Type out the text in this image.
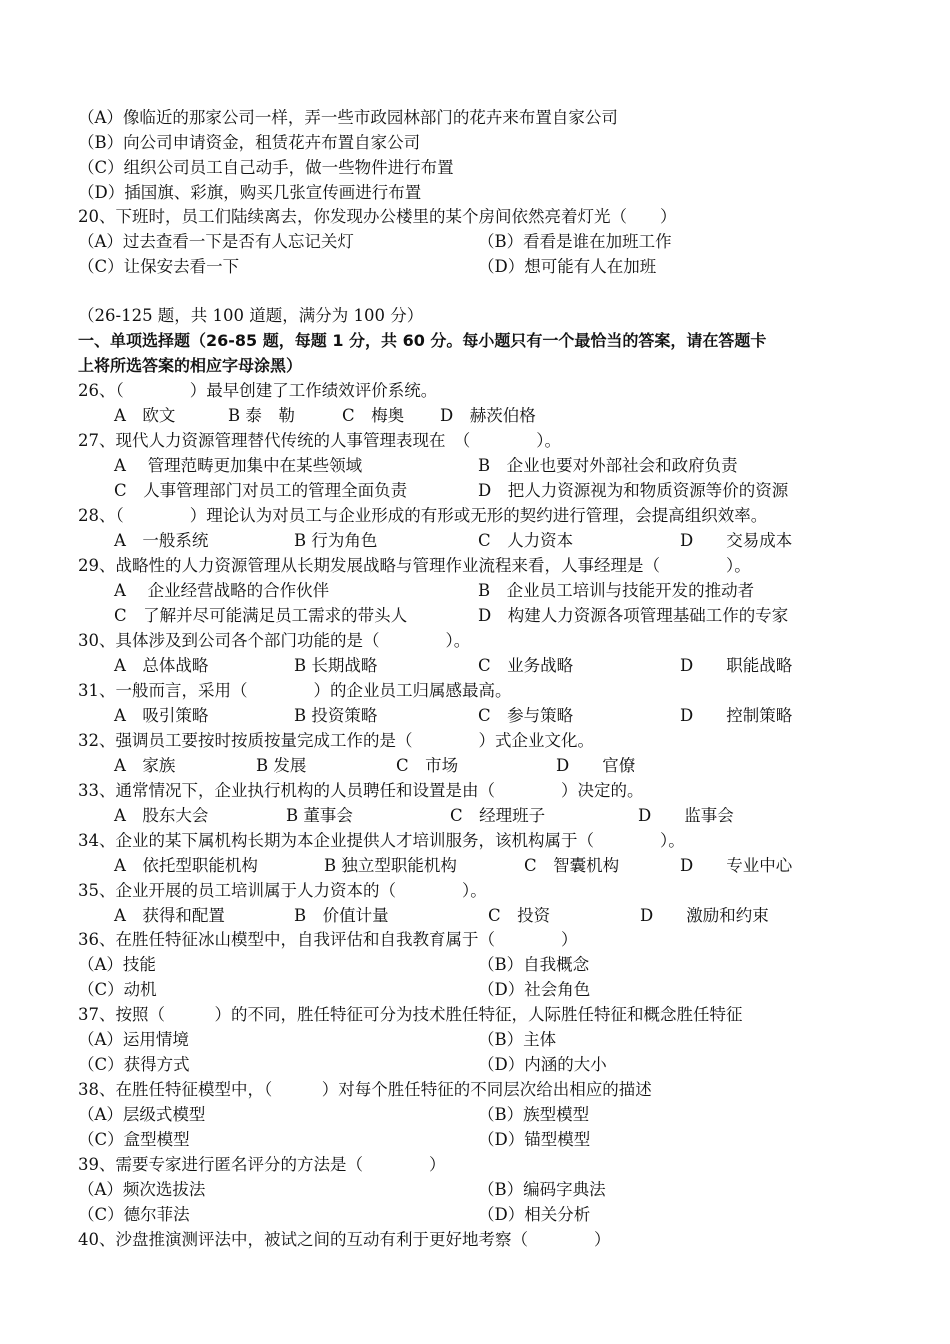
（A）像临近的那家公司一样，弄一些市政园林部门的花卉来布置自家公司
（B）向公司申请资金，租赁花卉布置自家公司
（C）组织公司员工自己动手，做一些物件进行布置
（D）插国旗、彩旗，购买几张宣传画进行布置
20、下班时，员工们陆续离去，你发现办公楼里的某个房间依然亮着灯光（　　）
（A）过去查看一下是否有人忘记关灯	（B）看看是谁在加班工作
（C）让保安去看一下	（D）想可能有人在加班
（26-125 题，共 100 道题，满分为 100 分）
一、单项选择题（26-85 题，每题 1 分，共 60 分。每小题只有一个最恰当的答案，请在答题卡
上将所选答案的相应字母涂黑）
26、（　　　　）最早创建了工作绩效评价系统。
A　欧文	B 泰　勒	C　梅奥 D　赫茨伯格
27、现代人力资源管理替代传统的人事管理表现在　（　　　　）。
A　 管理范畴更加集中在某些领域	B　企业也要对外部社会和政府负责
C　人事管理部门对员工的管理全面负责	D　把人力资源视为和物质资源等价的资源
28、（　　　　）理论认为对员工与企业形成的有形或无形的契约进行管理，会提高组织效率。
A　一般系统	B 行为角色	C　人力资本	D　　交易成本
29、战略性的人力资源管理从长期发展战略与管理作业流程来看，人事经理是（　　　　）。
A　 企业经营战略的合作伙伴	B　企业员工培训与技能开发的推动者
C　了解并尽可能满足员工需求的带头人	D　构建人力资源各项管理基础工作的专家
30、具体涉及到公司各个部门功能的是（　　　　）。
A　总体战略	B 长期战略	C　业务战略	D　　职能战略
31、一般而言，采用（　　　　）的企业员工归属感最高。
A　吸引策略	B 投资策略	C　参与策略	D　　控制策略
32、强调员工要按时按质按量完成工作的是（　　　　）式企业文化。
A　家族	B 发展	C　市场	D　　官僚
33、通常情况下，企业执行机构的人员聘任和设置是由（　　　　）决定的。
A　股东大会	B 董事会	C　经理班子	D　　监事会
34、企业的某下属机构长期为本企业提供人才培训服务，该机构属于（　　　　）。
A　依托型职能机构	B 独立型职能机构	C　智囊机构	D　　专业中心
35、企业开展的员工培训属于人力资本的（　　　　）。
A　获得和配置	B　价值计量	C　投资	D　　激励和约束
36、在胜任特征冰山模型中，自我评估和自我教育属于（　　　　）
（A）技能	（B）自我概念
（C）动机	（D）社会角色
37、按照（　　　）的不同，胜任特征可分为技术胜任特征，人际胜任特征和概念胜任特征
（A）运用情境	（B）主体
（C）获得方式	（D）内涵的大小
38、在胜任特征模型中，（　　　）对每个胜任特征的不同层次给出相应的描述
（A）层级式模型	（B）族型模型
（C）盒型模型	（D）锚型模型
39、需要专家进行匿名评分的方法是（　　　　）
（A）频次选拔法	（B）编码字典法
（C）德尔菲法	（D）相关分析
40、沙盘推演测评法中，被试之间的互动有利于更好地考察（　　　　）
